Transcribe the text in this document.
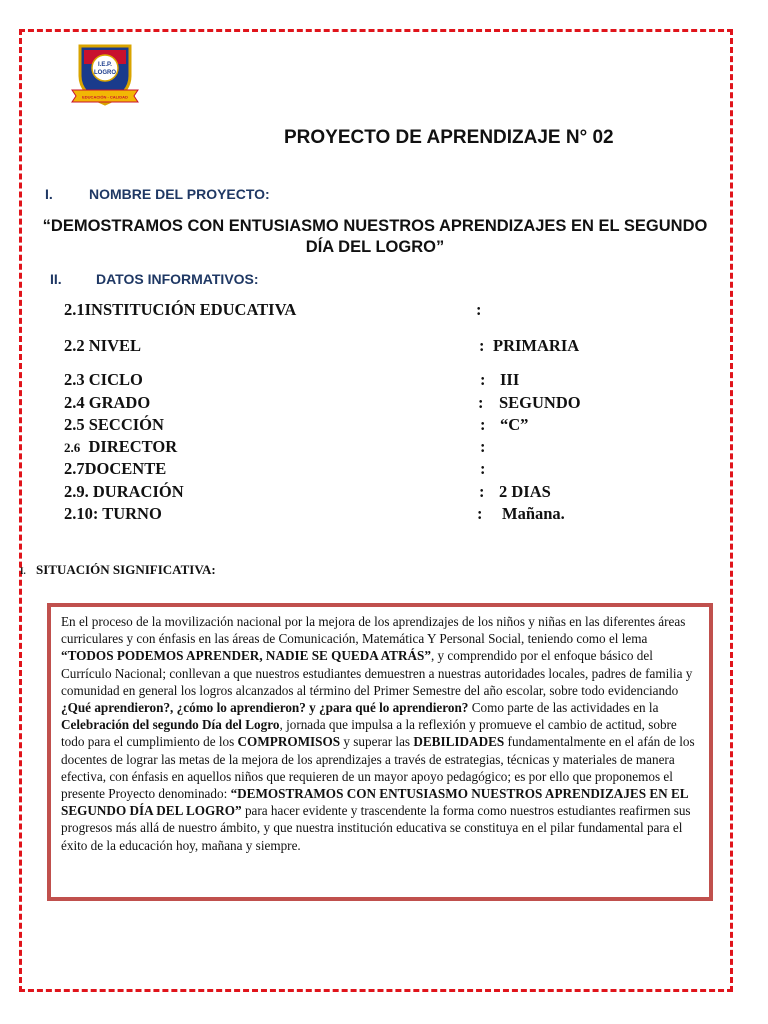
I.E.P.
LOGRO
EDUCACIÓN - CALIDAD
PROYECTO DE APRENDIZAJE N° 02
I.	NOMBRE DEL PROYECTO:
“DEMOSTRAMOS CON ENTUSIASMO NUESTROS APRENDIZAJES EN EL SEGUNDO DÍA DEL LOGRO”
II. DATOS INFORMATIVOS:
2.1INSTITUCIÓN EDUCATIVA	:
2.2 NIVEL	: PRIMARIA
2.3 CICLO	: III
2.4 GRADO	: SEGUNDO
2.5 SECCIÓN	: “C”
2.6 DIRECTOR	:
2.7DOCENTE	:
2.9. DURACIÓN	: 2 DIAS
2.10: TURNO	: Mañana.
I. SITUACIÓN SIGNIFICATIVA:
En el proceso de la movilización nacional por la mejora de los aprendizajes de los niños y niñas en las diferentes áreas curriculares y con énfasis en las áreas de Comunicación, Matemática Y Personal Social, teniendo como el lema “TODOS PODEMOS APRENDER, NADIE SE QUEDA ATRÁS”, y comprendido por el enfoque básico del Currículo Nacional; conllevan a que nuestros estudiantes demuestren a nuestras autoridades locales, padres de familia y comunidad en general los logros alcanzados al término del Primer Semestre del año escolar, sobre todo evidenciando ¿Qué aprendieron?, ¿cómo lo aprendieron? y ¿para qué lo aprendieron? Como parte de las actividades en la Celebración del segundo Día del Logro, jornada que impulsa a la reflexión y promueve el cambio de actitud, sobre todo para el cumplimiento de los COMPROMISOS y superar las DEBILIDADES fundamentalmente en el afán de los docentes de lograr las metas de la mejora de los aprendizajes a través de estrategias, técnicas y materiales de manera efectiva, con énfasis en aquellos niños que requieren de un mayor apoyo pedagógico; es por ello que proponemos el presente Proyecto denominado: “DEMOSTRAMOS CON ENTUSIASMO NUESTROS APRENDIZAJES EN EL SEGUNDO DÍA DEL LOGRO” para hacer evidente y trascendente la forma como nuestros estudiantes reafirmen sus progresos más allá de nuestro ámbito, y que nuestra institución educativa se constituya en el pilar fundamental para el éxito de la educación hoy, mañana y siempre.
